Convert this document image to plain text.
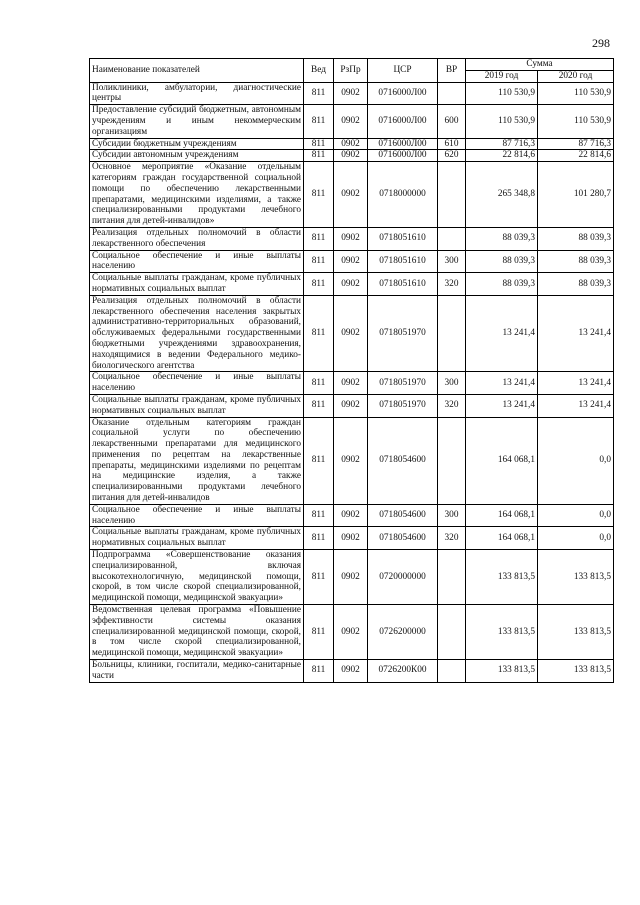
298
Наименование показателей	Вед	РзПр	ЦСР	ВР	Сумма	
					2019 год	2020 год
Поликлиники, амбулатории, диагностические центры	811	0902	0716000Л00		110 530,9	110 530,9
Предоставление субсидий бюджетным, автономным учреждениям и иным некоммерческим организациям	811	0902	0716000Л00	600	110 530,9	110 530,9
Субсидии бюджетным учреждениям	811	0902	0716000Л00	610	87 716,3	87 716,3
Субсидии автономным учреждениям	811	0902	0716000Л00	620	22 814,6	22 814,6
Основное мероприятие «Оказание отдельным категориям граждан государственной социальной помощи по обеспечению лекарственными препаратами, медицинскими изделиями, а также специализированными продуктами лечебного питания для детей-инвалидов»	811	0902	0718000000		265 348,8	101 280,7
Реализация отдельных полномочий в области лекарственного обеспечения	811	0902	0718051610		88 039,3	88 039,3
Социальное обеспечение и иные выплаты населению	811	0902	0718051610	300	88 039,3	88 039,3
Социальные выплаты гражданам, кроме публичных нормативных социальных выплат	811	0902	0718051610	320	88 039,3	88 039,3
Реализация отдельных полномочий в области лекарственного обеспечения населения закрытых административно-территориальных образований, обслуживаемых федеральными государственными бюджетными учреждениями здравоохранения, находящимися в ведении Федерального медико-биологического агентства	811	0902	0718051970		13 241,4	13 241,4
Социальное обеспечение и иные выплаты населению	811	0902	0718051970	300	13 241,4	13 241,4
Социальные выплаты гражданам, кроме публичных нормативных социальных выплат	811	0902	0718051970	320	13 241,4	13 241,4
Оказание отдельным категориям граждан социальной услуги по обеспечению лекарственными препаратами для медицинского применения по рецептам на лекарственные препараты, медицинскими изделиями по рецептам на медицинские изделия, а также специализированными продуктами лечебного питания для детей-инвалидов	811	0902	0718054600		164 068,1	0,0
Социальное обеспечение и иные выплаты населению	811	0902	0718054600	300	164 068,1	0,0
Социальные выплаты гражданам, кроме публичных нормативных социальных выплат	811	0902	0718054600	320	164 068,1	0,0
Подпрограмма «Совершенствование оказания специализированной, включая высокотехнологичную, медицинской помощи, скорой, в том числе скорой специализированной, медицинской помощи, медицинской эвакуации»	811	0902	0720000000		133 813,5	133 813,5
Ведомственная целевая программа «Повышение эффективности системы оказания специализированной медицинской помощи, скорой, в том числе скорой специализированной, медицинской помощи, медицинской эвакуации»	811	0902	0726200000		133 813,5	133 813,5
Больницы, клиники, госпитали, медико-санитарные части	811	0902	0726200К00		133 813,5	133 813,5
